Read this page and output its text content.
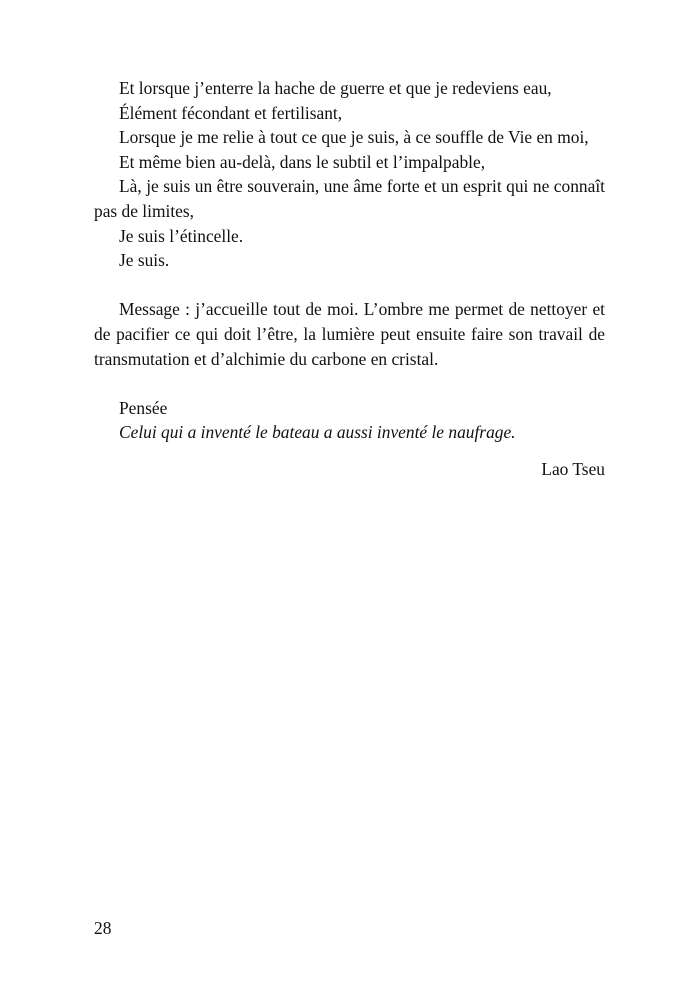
Et lorsque j’enterre la hache de guerre et que je redeviens eau,

Élément fécondant et fertilisant,

Lorsque je me relie à tout ce que je suis, à ce souffle de Vie en moi,

Et même bien au-delà, dans le subtil et l’impalpable,

Là, je suis un être souverain, une âme forte et un esprit qui ne connaît pas de limites,

Je suis l’étincelle.

Je suis.

Message : j’accueille tout de moi. L’ombre me permet de nettoyer et de pacifier ce qui doit l’être, la lumière peut ensuite faire son travail de transmutation et d’alchimie du carbone en cristal.

Pensée

Celui qui a inventé le bateau a aussi inventé le naufrage.

Lao Tseu

28
